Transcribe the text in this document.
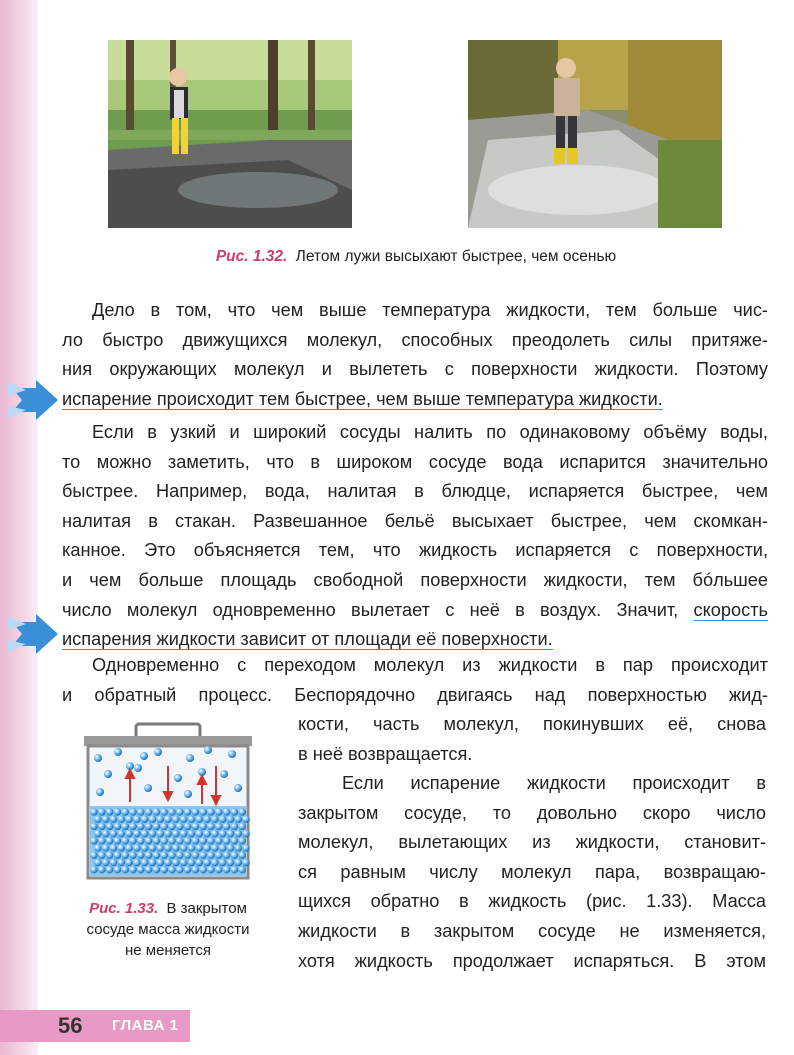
Рис. 1.32. Летом лужи высыхают быстрее, чем осенью
Дело в том, что чем выше температура жидкости, тем больше чис-
ло быстро движущихся молекул, способных преодолеть силы притяже-
ния окружающих молекул и вылететь с поверхности жидкости. Поэтому
испарение происходит тем быстрее, чем выше температура жидкости.
Если в узкий и широкий сосуды налить по одинаковому объёму воды,
то можно заметить, что в широком сосуде вода испарится значительно
быстрее. Например, вода, налитая в блюдце, испаряется быстрее, чем
налитая в стакан. Развешанное бельё высыхает быстрее, чем скомкан-
канное. Это объясняется тем, что жидкость испаряется с поверхности,
и чем больше площадь свободной поверхности жидкости, тем бóльшее
число молекул одновременно вылетает с неё в воздух. Значит, скорость
испарения жидкости зависит от площади её поверхности.
Одновременно с переходом молекул из жидкости в пар происходит
и обратный процесс. Беспорядочно двигаясь над поверхностью жид-
кости, часть молекул, покинувших её, снова
в неё возвращается.
Если испарение жидкости происходит в
закрытом сосуде, то довольно скоро число
молекул, вылетающих из жидкости, становит-
ся равным числу молекул пара, возвращаю-
щихся обратно в жидкость (рис. 1.33). Масса
жидкости в закрытом сосуде не изменяется,
хотя жидкость продолжает испаряться. В этом
Рис. 1.33. В закрытом
сосуде масса жидкости
не меняется
56 ГЛАВА 1
